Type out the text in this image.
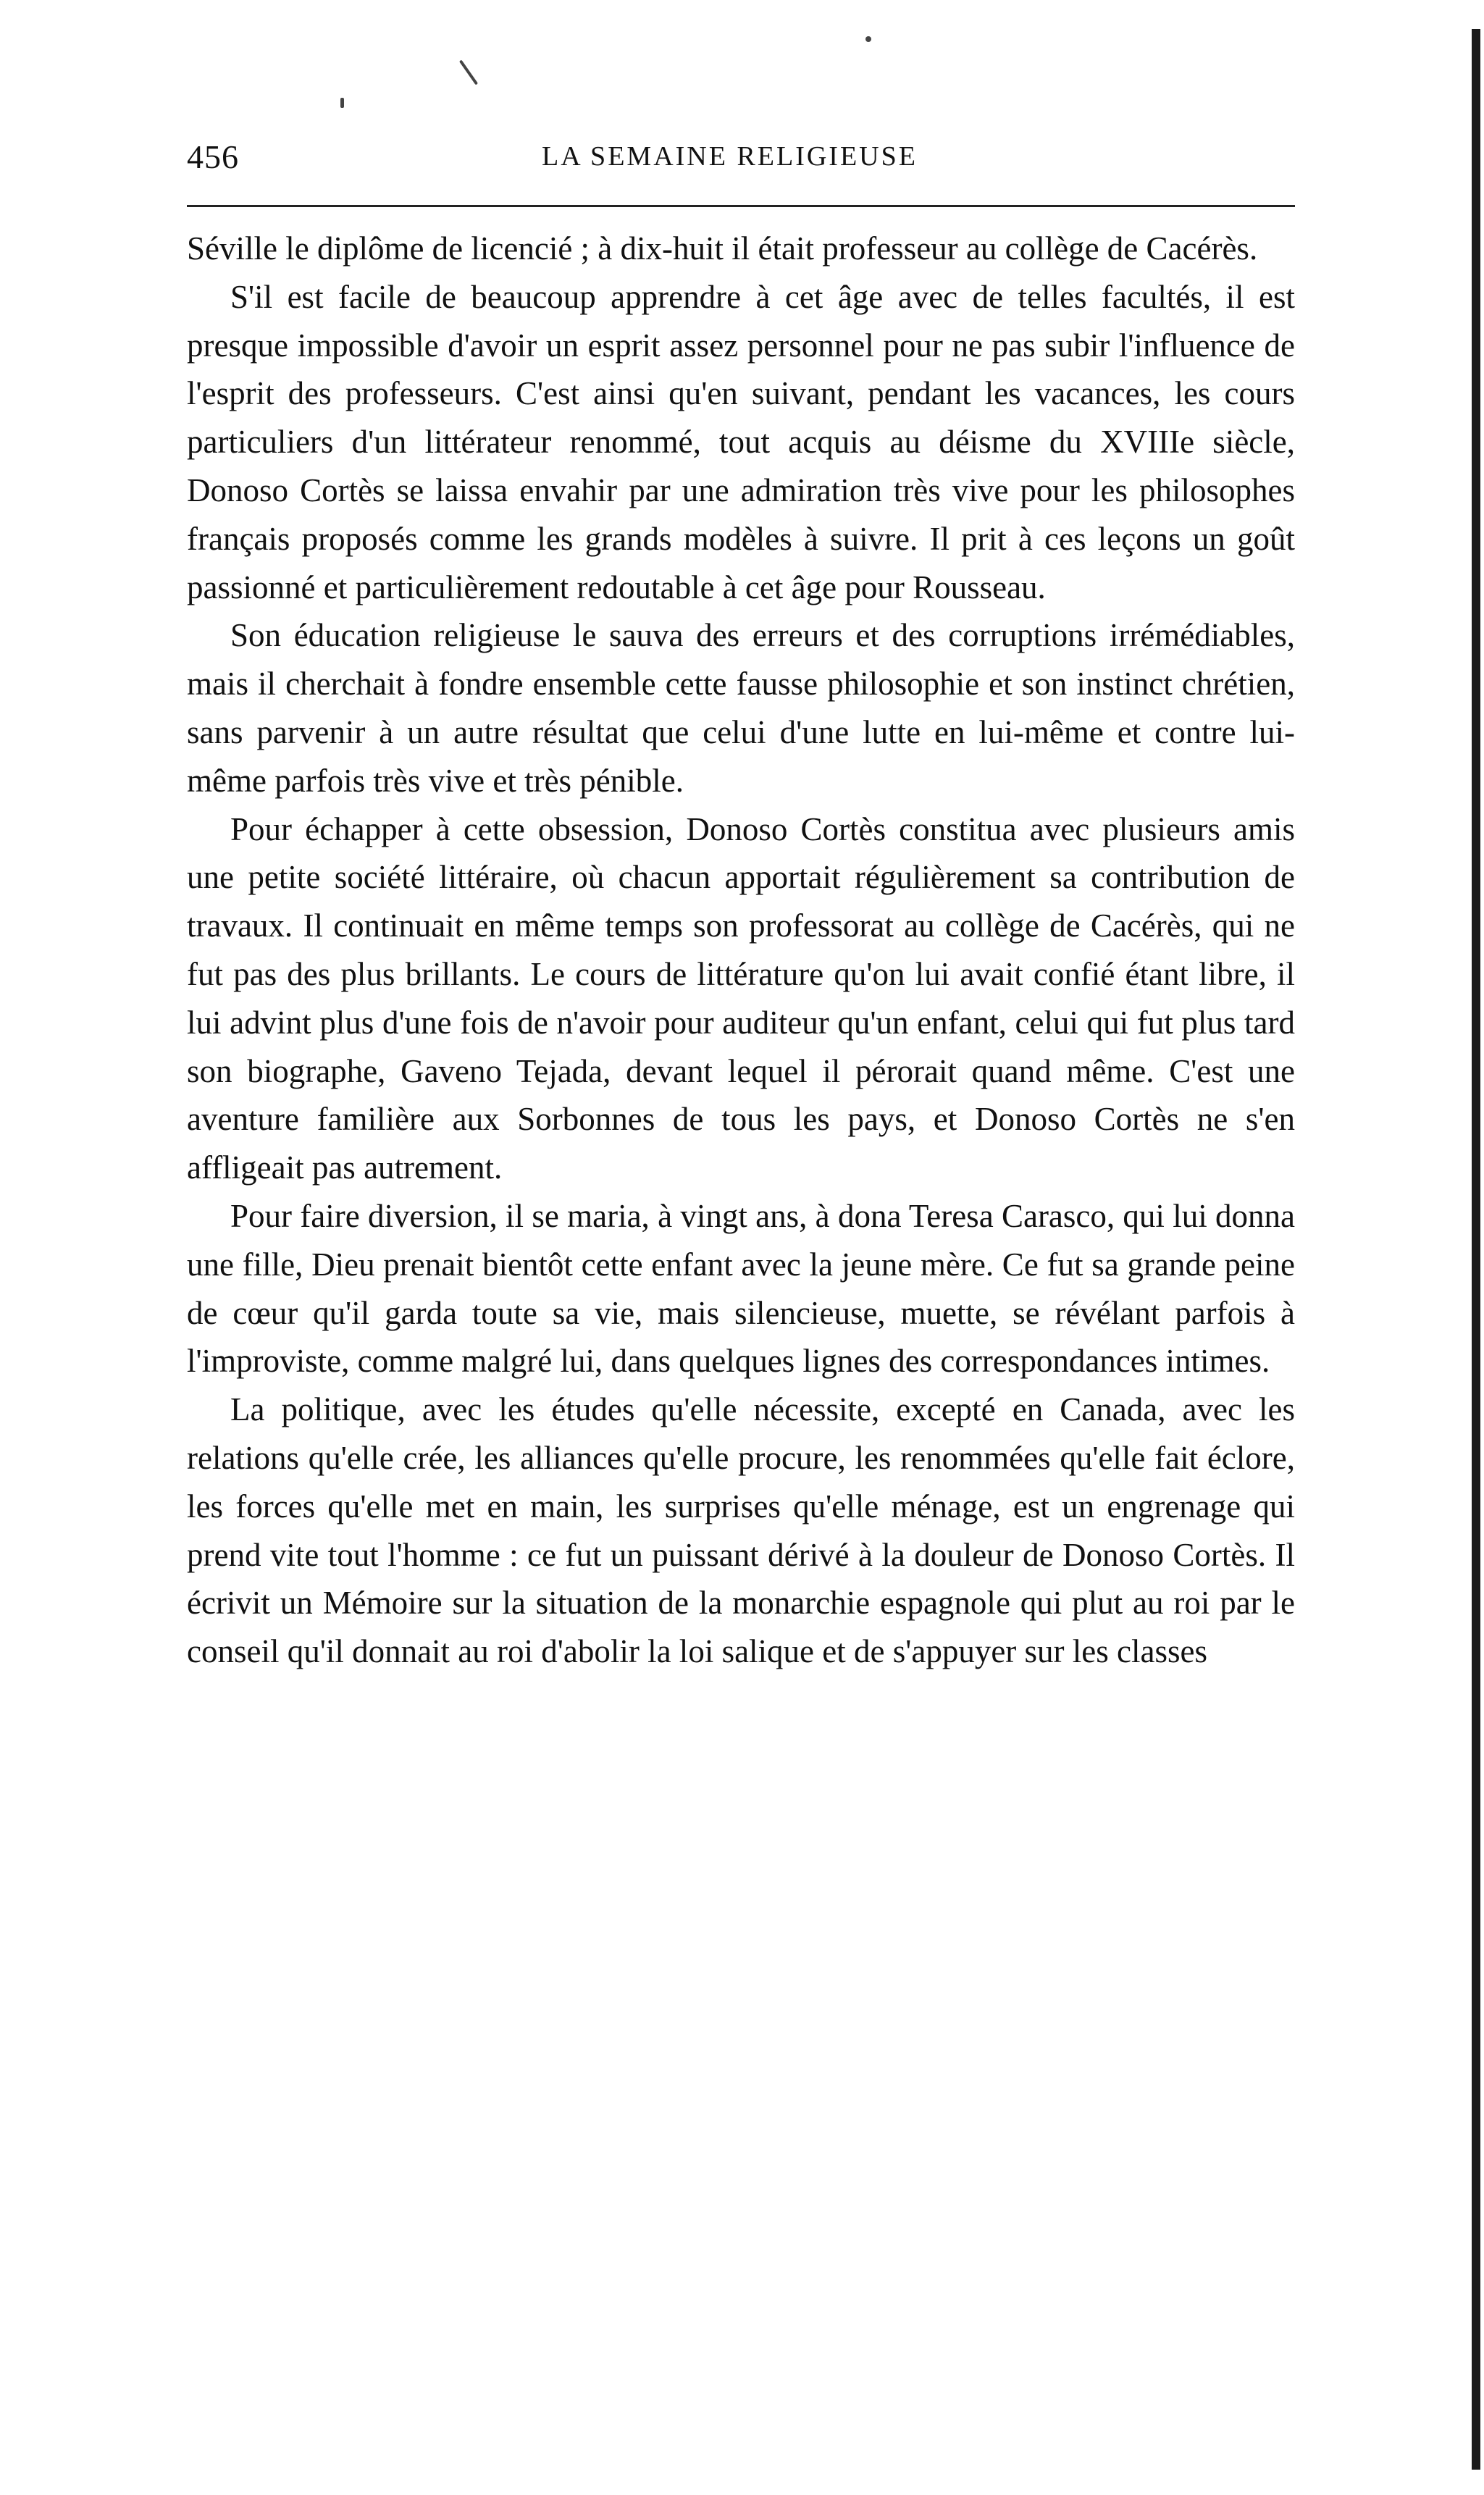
456	LA SEMAINE RELIGIEUSE

Séville le diplôme de licencié ; à dix-huit il était professeur au collège de Cacérès.

S'il est facile de beaucoup apprendre à cet âge avec de telles facultés, il est presque impossible d'avoir un esprit assez personnel pour ne pas subir l'influence de l'esprit des professeurs. C'est ainsi qu'en suivant, pendant les vacances, les cours particuliers d'un littérateur renommé, tout acquis au déisme du XVIIIe siècle, Donoso Cortès se laissa envahir par une admiration très vive pour les philosophes français proposés comme les grands modèles à suivre. Il prit à ces leçons un goût passionné et particulièrement redoutable à cet âge pour Rousseau.

Son éducation religieuse le sauva des erreurs et des corruptions irrémédiables, mais il cherchait à fondre ensemble cette fausse philosophie et son instinct chrétien, sans parvenir à un autre résultat que celui d'une lutte en lui-même et contre lui-même parfois très vive et très pénible.

Pour échapper à cette obsession, Donoso Cortès constitua avec plusieurs amis une petite société littéraire, où chacun apportait régulièrement sa contribution de travaux. Il continuait en même temps son professorat au collège de Cacérès, qui ne fut pas des plus brillants. Le cours de littérature qu'on lui avait confié étant libre, il lui advint plus d'une fois de n'avoir pour auditeur qu'un enfant, celui qui fut plus tard son biographe, Gaveno Tejada, devant lequel il pérorait quand même. C'est une aventure familière aux Sorbonnes de tous les pays, et Donoso Cortès ne s'en affligeait pas autrement.

Pour faire diversion, il se maria, à vingt ans, à dona Teresa Carasco, qui lui donna une fille, Dieu prenait bientôt cette enfant avec la jeune mère. Ce fut sa grande peine de cœur qu'il garda toute sa vie, mais silencieuse, muette, se révélant parfois à l'improviste, comme malgré lui, dans quelques lignes des correspondances intimes.

La politique, avec les études qu'elle nécessite, excepté en Canada, avec les relations qu'elle crée, les alliances qu'elle procure, les renommées qu'elle fait éclore, les forces qu'elle met en main, les surprises qu'elle ménage, est un engrenage qui prend vite tout l'homme : ce fut un puissant dérivé à la douleur de Donoso Cortès. Il écrivit un Mémoire sur la situation de la monarchie espagnole qui plut au roi par le conseil qu'il donnait au roi d'abolir la loi salique et de s'appuyer sur les classes
